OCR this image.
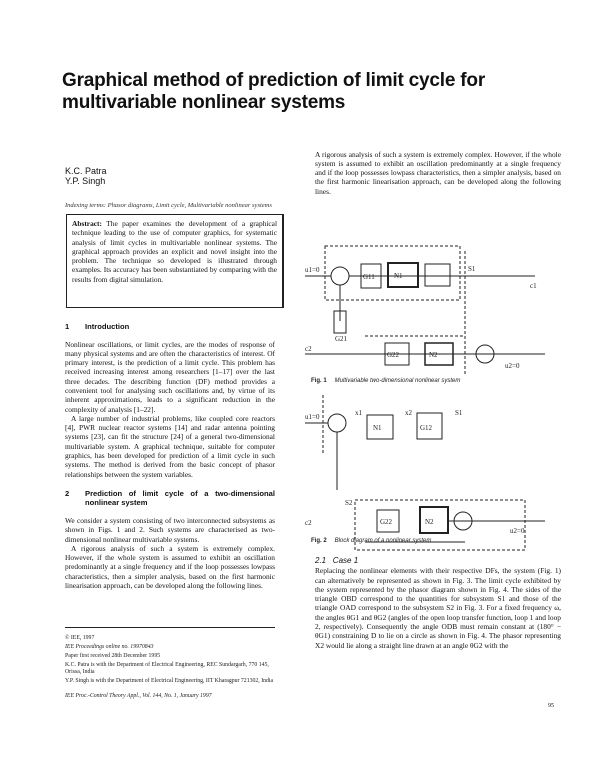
Graphical method of prediction of limit cycle for multivariable nonlinear systems
K.C. Patra
Y.P. Singh
Indexing terms: Phasor diagrams, Limit cycle, Multivariable nonlinear systems
Abstract: The paper examines the development of a graphical technique leading to the use of computer graphics, for systematic analysis of limit cycles in multivariable nonlinear systems. The graphical approach provides an explicit and novel insight into the problem. The technique so developed is illustrated through examples. Its accuracy has been substantiated by comparing with the results from digital simulation.
1 Introduction

Nonlinear oscillations, or limit cycles, are the modes of response of many physical systems and are often the characteristics of interest. Of primary interest, is the prediction of a limit cycle. This problem has received increasing interest among researchers [1–17] over the last three decades. The describing function (DF) method provides a convenient tool for analysing such oscillations and, by virtue of its inherent approximations, leads to a significant reduction in the complexity of analysis [1–22].

A large number of industrial problems, like coupled core reactors [4], PWR nuclear reactor systems [14] and radar antenna pointing systems [23], can fit the structure [24] of a general two-dimensional multivariable system. A graphical technique, suitable for computer graphics, has been developed for prediction of a limit cycle in such systems. The method is derived from the basic concept of phasor relationships between the system variables.

2	Prediction of limit cycle of a two-dimensional nonlinear system

We consider a system consisting of two interconnected subsystems as shown in Figs. 1 and 2. Such systems are characterised as two-dimensional nonlinear multivariable systems.

A rigorous analysis of such a system is extremely complex. However, if the whole system is assumed to exhibit an oscillation predominantly at a single frequency and if the loop possesses lowpass characteristics, then a simpler analysis, based on the first harmonic linearisation approach, can be developed along the following lines.

© IEE, 1997
IEE Proceedings online no. 19970843
Paper first received 28th December 1995
K.C. Patra is with the Department of Electrical Engineering, REC Sundargarh, 770 145, Orissa, India
Y.P. Singh is with the Department of Electrical Engineering, IIT Kharagpur 721302, India
IEE Proc.-Control Theory Appl., Vol. 144, No. 1, January 1997

A rigorous analysis of such a system is extremely complex. However, if the whole system is assumed to exhibit an oscillation predominantly at a single frequency and if the loop possesses lowpass characteristics, then a simpler analysis, based on the first harmonic linearisation approach, can be developed along the following lines.

u1=0
N1
G11
S1
c1
c2
G22
G21
N2
u2=0
Fig. 1 Multivariable two-dimensional nonlinear system
u1=0
N1
x1	x2
G12
S1
S2
c2	G22	N2
u2=0
Fig. 2 Block diagram of a nonlinear system
2.1 Case 1

Replacing the nonlinear elements with their respective DFs, the system (Fig. 1) can alternatively be represented as shown in Fig. 3. The limit cycle exhibited by the system represented by the phasor diagram shown in Fig. 4. The sides of the triangle OBD correspond to the quantities for subsystem S1 and those of the triangle OAD correspond to the subsystem S2 in Fig. 3. For a fixed frequency ω, the angles θG1 and θG2 (angles of the open loop transfer function, loop 1 and loop 2, respectively). Consequently the angle ODB must remain constant at (180° − θG1) constraining D to lie on a circle as shown in Fig. 4. The phasor representing X2 would lie along a straight line drawn at an angle θG2 with the

95
